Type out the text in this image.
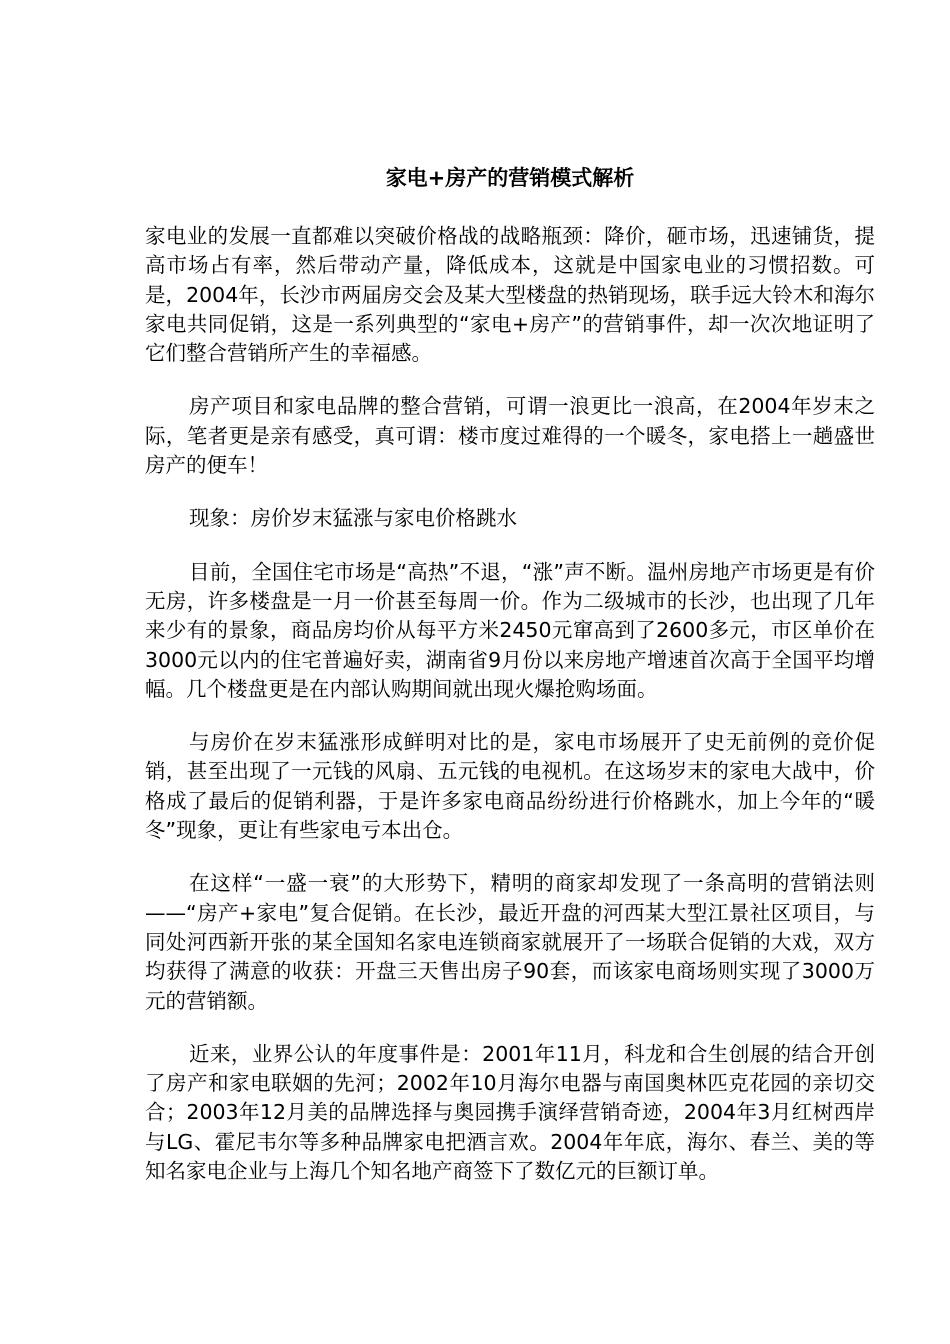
家电+房产的营销模式解析

家电业的发展一直都难以突破价格战的战略瓶颈：降价，砸市场，迅速铺货，提高市场占有率，然后带动产量，降低成本，这就是中国家电业的习惯招数。可是，2004年，长沙市两届房交会及某大型楼盘的热销现场，联手远大铃木和海尔家电共同促销，这是一系列典型的“家电+房产”的营销事件，却一次次地证明了它们整合营销所产生的幸福感。

房产项目和家电品牌的整合营销，可谓一浪更比一浪高，在2004年岁末之际，笔者更是亲有感受，真可谓：楼市度过难得的一个暖冬，家电搭上一趟盛世房产的便车！

现象：房价岁末猛涨与家电价格跳水

目前，全国住宅市场是“高热”不退，“涨”声不断。温州房地产市场更是有价无房，许多楼盘是一月一价甚至每周一价。作为二级城市的长沙，也出现了几年来少有的景象，商品房均价从每平方米2450元窜高到了2600多元，市区单价在3000元以内的住宅普遍好卖，湖南省9月份以来房地产增速首次高于全国平均增幅。几个楼盘更是在内部认购期间就出现火爆抢购场面。

与房价在岁末猛涨形成鲜明对比的是，家电市场展开了史无前例的竞价促销，甚至出现了一元钱的风扇、五元钱的电视机。在这场岁末的家电大战中，价格成了最后的促销利器，于是许多家电商品纷纷进行价格跳水，加上今年的“暖冬”现象，更让有些家电亏本出仓。

在这样“一盛一衰”的大形势下，精明的商家却发现了一条高明的营销法则——“房产+家电”复合促销。在长沙，最近开盘的河西某大型江景社区项目，与同处河西新开张的某全国知名家电连锁商家就展开了一场联合促销的大戏，双方均获得了满意的收获：开盘三天售出房子90套，而该家电商场则实现了3000万元的营销额。

近来，业界公认的年度事件是：2001年11月，科龙和合生创展的结合开创了房产和家电联姻的先河；2002年10月海尔电器与南国奥林匹克花园的亲切交合；2003年12月美的品牌选择与奥园携手演绎营销奇迹，2004年3月红树西岸与LG、霍尼韦尔等多种品牌家电把酒言欢。2004年年底，海尔、春兰、美的等知名家电企业与上海几个知名地产商签下了数亿元的巨额订单。
